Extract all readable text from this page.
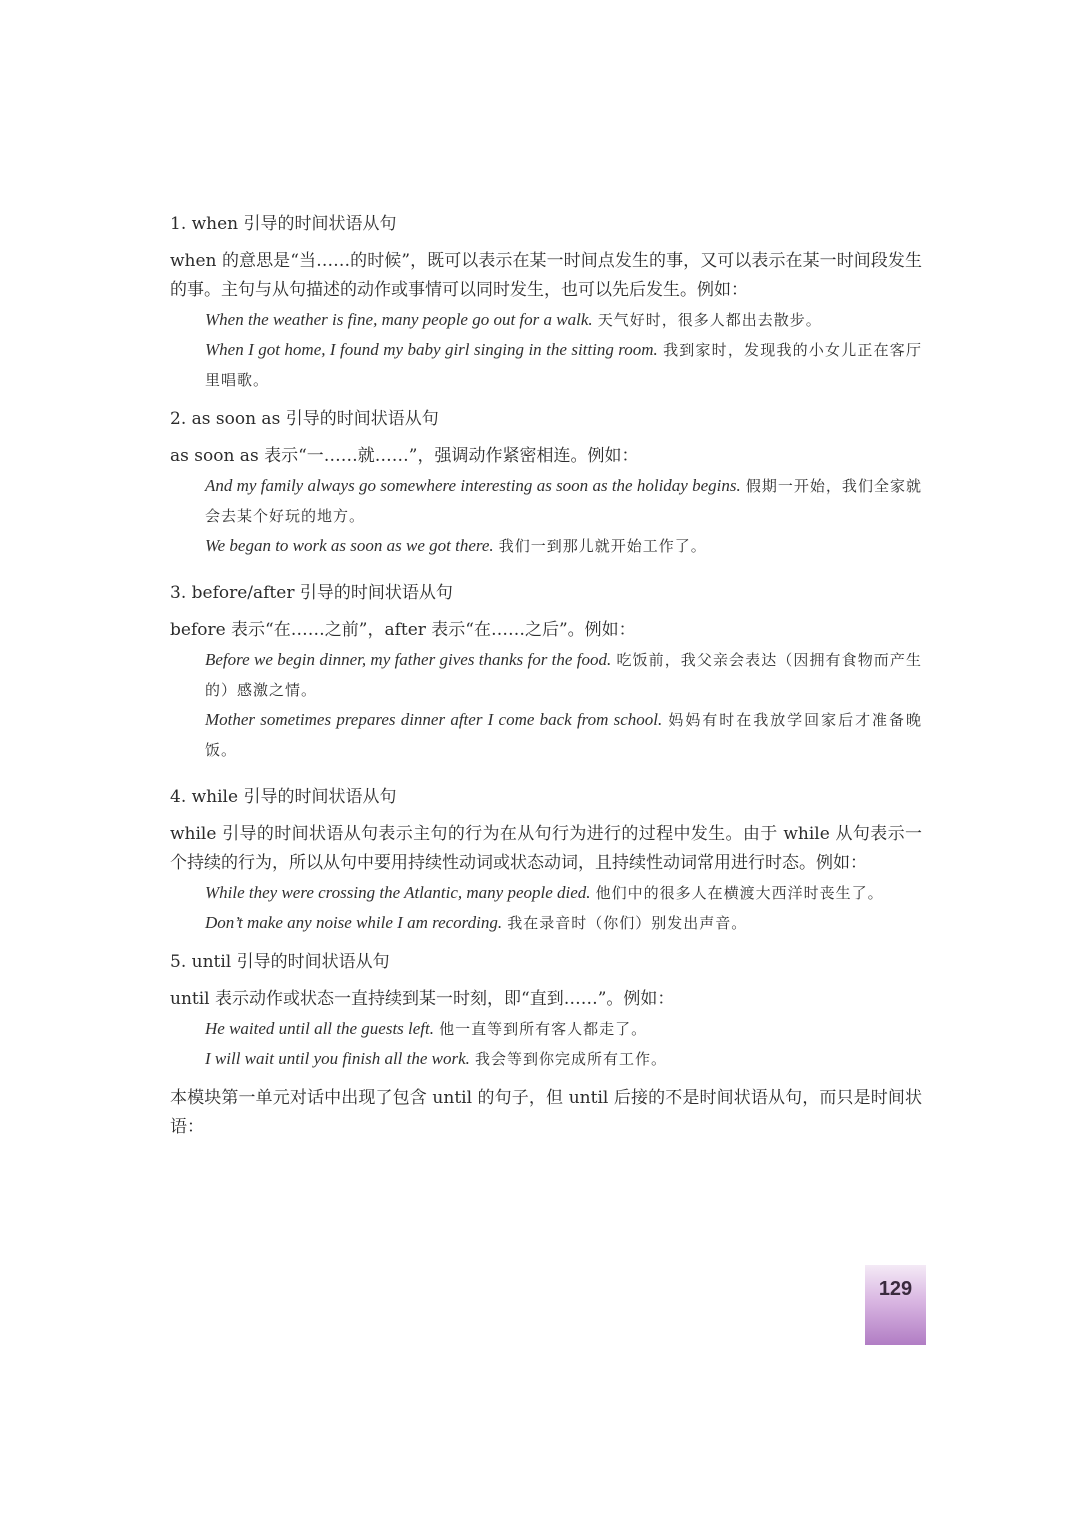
1. when 引导的时间状语从句

when 的意思是“当……的时候”，既可以表示在某一时间点发生的事，又可以表示在某一时间段发生的事。主句与从句描述的动作或事情可以同时发生，也可以先后发生。例如：

When the weather is fine, many people go out for a walk. 天气好时，很多人都出去散步。

When I got home, I found my baby girl singing in the sitting room. 我到家时，发现我的小女儿正在客厅里唱歌。

2. as soon as 引导的时间状语从句

as soon as 表示“一……就……”，强调动作紧密相连。例如：

And my family always go somewhere interesting as soon as the holiday begins. 假期一开始，我们全家就会去某个好玩的地方。

We began to work as soon as we got there. 我们一到那儿就开始工作了。

3. before/after 引导的时间状语从句

before 表示“在……之前”，after 表示“在……之后”。例如：

Before we begin dinner, my father gives thanks for the food. 吃饭前，我父亲会表达（因拥有食物而产生的）感激之情。

Mother sometimes prepares dinner after I come back from school. 妈妈有时在我放学回家后才准备晚饭。

4. while 引导的时间状语从句

while 引导的时间状语从句表示主句的行为在从句行为进行的过程中发生。由于 while 从句表示一个持续的行为，所以从句中要用持续性动词或状态动词，且持续性动词常用进行时态。例如：

While they were crossing the Atlantic, many people died. 他们中的很多人在横渡大西洋时丧生了。

Don’t make any noise while I am recording. 我在录音时（你们）别发出声音。

5. until 引导的时间状语从句

until 表示动作或状态一直持续到某一时刻，即“直到……”。例如：

He waited until all the guests left. 他一直等到所有客人都走了。

I will wait until you finish all the work. 我会等到你完成所有工作。

本模块第一单元对话中出现了包含 until 的句子，但 until 后接的不是时间状语从句，而只是时间状语：

129
